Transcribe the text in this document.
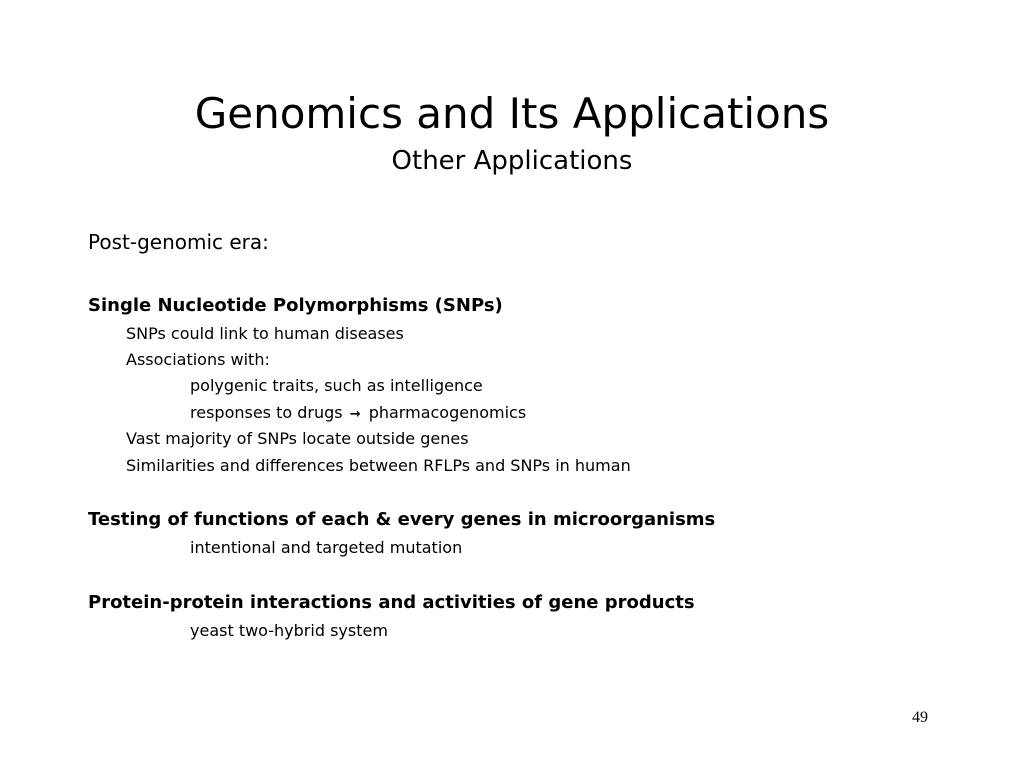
Genomics and Its Applications
Other Applications
Post-genomic era:
Single Nucleotide Polymorphisms (SNPs)
SNPs could link to human diseases
Associations with:
polygenic traits, such as intelligence
responses to drugs → pharmacogenomics
Vast majority of SNPs locate outside genes
Similarities and differences between RFLPs and SNPs in human
Testing of functions of each & every genes in microorganisms
intentional and targeted mutation
Protein-protein interactions and activities of gene products
yeast two-hybrid system
49
